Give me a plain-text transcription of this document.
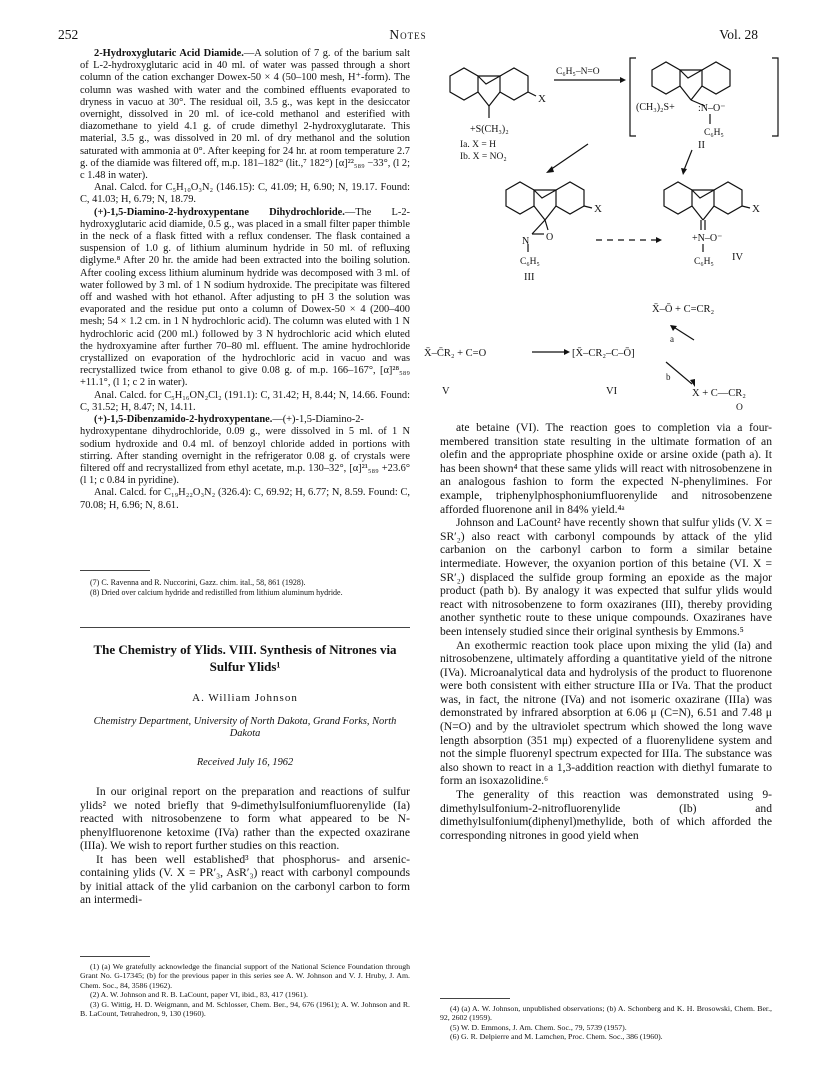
252	Notes	Vol. 28

2-Hydroxyglutaric Acid Diamide.—A solution of 7 g. of the barium salt of L-2-hydroxyglutaric acid in 40 ml. of water was passed through a short column of the cation exchanger Dowex-50 × 4 (50–100 mesh, H⁺-form). The column was washed with water and the combined effluents evaporated to dryness in vacuo at 30°. The residual oil, 3.5 g., was kept in the desiccator overnight, dissolved in 20 ml. of ice-cold methanol and esterified with diazomethane to yield 4.1 g. of crude dimethyl 2-hydroxyglutarate. This material, 3.5 g., was dissolved in 20 ml. of dry methanol and the solution saturated with ammonia at 0°. After keeping for 24 hr. at room temperature 2.7 g. of the diamide was filtered off, m.p. 181–182° (lit.,⁷ 182°) [α]²²₅₈₉ −33°, (l 2; c 1.48 in water).

Anal. Calcd. for C₅H₁₀O₃N₂ (146.15): C, 41.09; H, 6.90; N, 19.17. Found: C, 41.03; H, 6.79; N, 18.79.

(+)-1,5-Diamino-2-hydroxypentane Dihydrochloride.—The L-2-hydroxyglutaric acid diamide, 0.5 g., was placed in a small filter paper thimble in the neck of a flask fitted with a reflux condenser. The flask contained a suspension of 1.0 g. of lithium aluminum hydride in 50 ml. of refluxing diglyme.⁸ After 20 hr. the amide had been extracted into the boiling solution. After cooling excess lithium aluminum hydride was decomposed with 3 ml. of water followed by 3 ml. of 1 N sodium hydroxide. The precipitate was filtered off and washed with hot ethanol. After adjusting to pH 3 the solution was evaporated and the residue put onto a column of Dowex-50 × 4 (200–400 mesh; 54 × 1.2 cm. in 1 N hydrochloric acid). The column was eluted with 1 N hydrochloric acid (200 ml.) followed by 3 N hydrochloric acid which eluted the hydroxyamine after further 70–80 ml. effluent. The amine hydrochloride crystallized on evaporation of the hydrochloric acid in vacuo and was recrystallized twice from ethanol to give 0.08 g. of m.p. 166–167°, [α]²⁸₅₈₉ +11.1°, (l 1; c 2 in water).

Anal. Calcd. for C₅H₁₆ON₂Cl₂ (191.1): C, 31.42; H, 8.44; N, 14.66. Found: C, 31.52; H, 8.47; N, 14.11.

(+)-1,5-Dibenzamido-2-hydroxypentane.—(+)-1,5-Diamino-2-hydroxypentane dihydrochloride, 0.09 g., were dissolved in 5 ml. of 1 N sodium hydroxide and 0.4 ml. of benzoyl chloride added in portions with stirring. After standing overnight in the refrigerator 0.08 g. of crystals were filtered off and recrystallized from ethyl acetate, m.p. 130–32°, [α]²¹₅₈₉ +23.6° (l 1; c 0.84 in pyridine).

Anal. Calcd. for C₁₉H₂₂O₃N₂ (326.4): C, 69.92; H, 6.77; N, 8.59. Found: C, 70.08; H, 6.96; N, 8.61.

(7) C. Ravenna and R. Nuccorini, Gazz. chim. ital., 58, 861 (1928).

(8) Dried over calcium hydride and redistilled from lithium aluminum hydride.

The Chemistry of Ylids. VIII. Synthesis of Nitrones via Sulfur Ylids¹
A. William Johnson
Chemistry Department, University of North Dakota, Grand Forks, North Dakota
Received July 16, 1962

In our original report on the preparation and reactions of sulfur ylids² we noted briefly that 9-dimethylsulfoniumfluorenylide (Ia) reacted with nitrosobenzene to form what appeared to be N-phenylfluorenone ketoxime (IVa) rather than the expected oxazirane (IIIa). We wish to report further studies on this reaction.

It has been well established³ that phosphorus- and arsenic-containing ylids (V. X = PR′₃, AsR′₃) react with carbonyl compounds by initial attack of the ylid carbanion on the carbonyl carbon to form an intermedi-

(1) (a) We gratefully acknowledge the financial support of the National Science Foundation through Grant No. G-17345; (b) for the previous paper in this series see A. W. Johnson and V. J. Hruby, J. Am. Chem. Soc., 84, 3586 (1962).

(2) A. W. Johnson and R. B. LaCount, paper VI, ibid., 83, 417 (1961).

(3) G. Wittig, H. D. Weigmann, and M. Schlosser, Chem. Ber., 94, 676 (1961); A. W. Johnson and R. B. LaCount, Tetrahedron, 9, 130 (1960).

X
+S(CH₃)₂
Ia. X = H
Ib. X = NO₂
C₆H₅–N=O
(CH₃)₂S+ :N–O⁻
C₆H₅
II
X
O
N
C₆H₅
III
X
+N–O⁻
C₆H₅ IV
X̄–Ō + C=CR₂
a
X̄–C̄R₂ + C=O	[X̄–CR₂–C–Ō]
b
X + C—CR₂
O
V	VI

ate betaine (VI). The reaction goes to completion via a four-membered transition state resulting in the ultimate formation of an olefin and the appropriate phosphine oxide or arsine oxide (path a). It has been shown⁴ that these same ylids will react with nitrosobenzene in an analogous fashion to form the expected N-phenylimines. For example, triphenylphosphoniumfluorenylide and nitrosobenzene afforded fluorenone anil in 84% yield.⁴ᵃ

Johnson and LaCount² have recently shown that sulfur ylids (V. X = SR′₂) also react with carbonyl compounds by attack of the ylid carbanion on the carbonyl carbon to form a similar betaine intermediate. However, the oxyanion portion of this betaine (VI. X = SR′₂) displaced the sulfide group forming an epoxide as the major product (path b). By analogy it was expected that sulfur ylids would react with nitrosobenzene to form oxaziranes (III), thereby providing another synthetic route to these unique compounds. Oxaziranes have been intensely studied since their original synthesis by Emmons.⁵

An exothermic reaction took place upon mixing the ylid (Ia) and nitrosobenzene, ultimately affording a quantitative yield of the nitrone (IVa). Microanalytical data and hydrolysis of the product to fluorenone were both consistent with either structure IIIa or IVa. That the product was, in fact, the nitrone (IVa) and not isomeric oxazirane (IIIa) was demonstrated by infrared absorption at 6.06 μ (C=N), 6.51 and 7.48 μ (N=O) and by the ultraviolet spectrum which showed the long wave length absorption (351 mμ) expected of a fluorenylidene system and not the simple fluorenyl spectrum expected for IIIa. The substance was also shown to react in a 1,3-addition reaction with diethyl fumarate to form an isoxazolidine.⁶

The generality of this reaction was demonstrated using 9-dimethylsulfonium-2-nitrofluorenylide (Ib) and dimethylsulfonium(diphenyl)methylide, both of which afforded the corresponding nitrones in good yield when

(4) (a) A. W. Johnson, unpublished observations; (b) A. Schonberg and K. H. Brosowski, Chem. Ber., 92, 2602 (1959).

(5) W. D. Emmons, J. Am. Chem. Soc., 79, 5739 (1957).

(6) G. R. Delpierre and M. Lamchen, Proc. Chem. Soc., 386 (1960).
